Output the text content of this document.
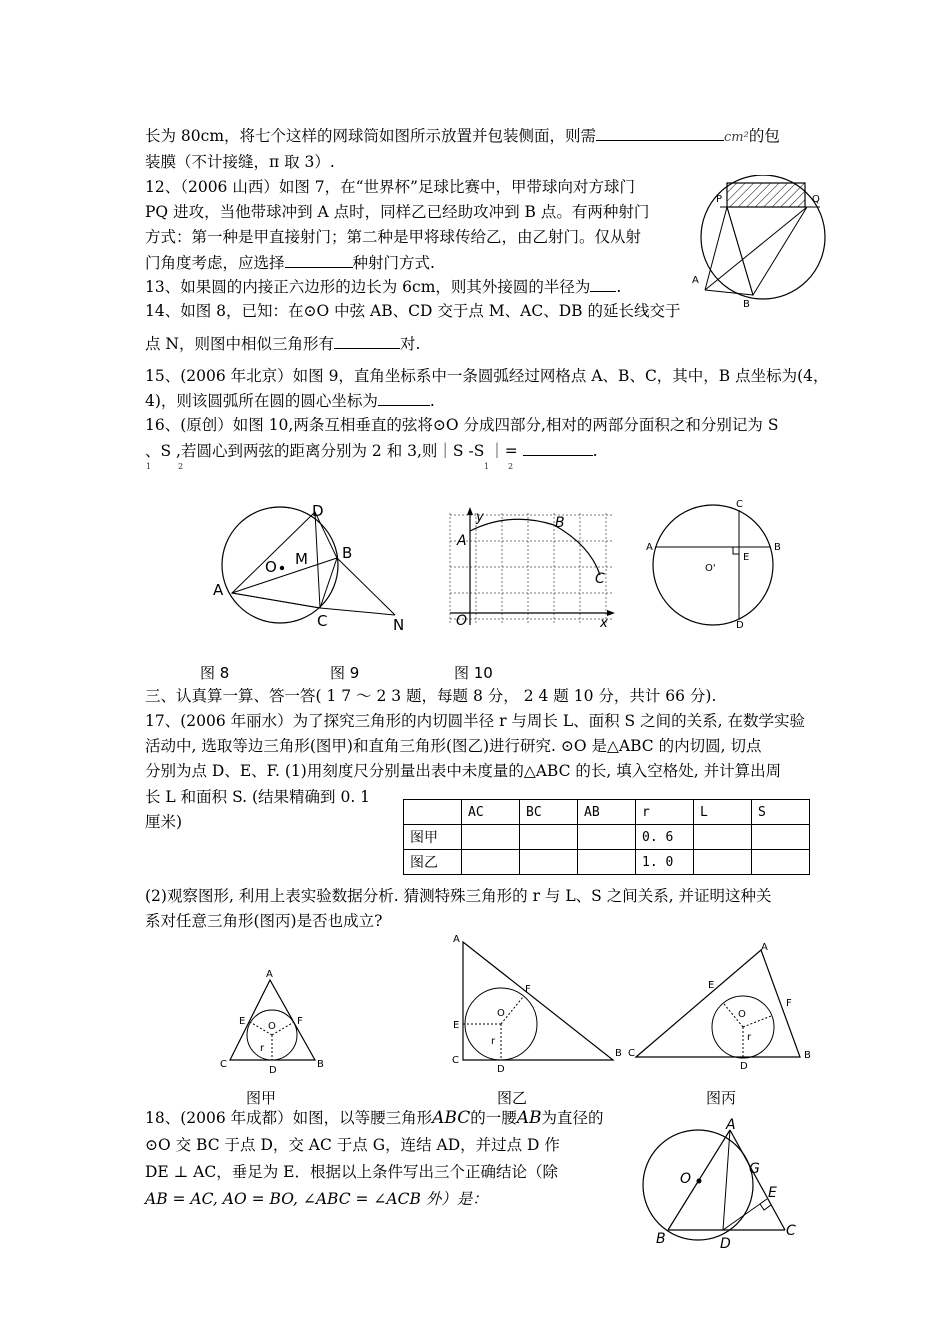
长为 80cm，将七个这样的网球筒如图所示放置并包装侧面，则需	cm²的包
装膜（不计接缝，π 取 3）.
12、（2006 山西）如图 7，在“世界杯”足球比赛中，甲带球向对方球门
PQ 进攻，当他带球冲到 A 点时，同样乙已经助攻冲到 B 点。有两种射门
方式：第一种是甲直接射门；第二种是甲将球传给乙，由乙射门。仅从射
门角度考虑，应选择	种射门方式.
13、如果圆的内接正六边形的边长为 6cm，则其外接圆的半径为 .
14、如图 8，已知：在⊙O 中弦 AB、CD 交于点 M、AC、DB 的延长线交于
点 N，则图中相似三角形有	对.
15、(2006 年北京）如图 9，直角坐标系中一条圆弧经过网格点 A、B、C，其中，B 点坐标为(4，
4)，则该圆弧所在圆的圆心坐标为	.
16、(原创）如图 10,两条互相垂直的弦将⊙O 分成四部分,相对的两部分面积之和分别记为 S
、S ,若圆心到两弦的距离分别为 2 和 3,则｜S -S ｜=	.
1	2	1 2
P	Q
A
B
D
B
A
C	N
O M
y
A
B
C
O	x
C
A	B
E
D
O'
图 8	图 9	图 10
三、认真算一算、答一答( 1 7 ～ 2 3 题，每题 8 分， 2 4 题 10 分，共计 66 分).
17、(2006 年丽水）为了探究三角形的内切圆半径 r 与周长 L、面积 S 之间的关系, 在数学实验
活动中, 选取等边三角形(图甲)和直角三角形(图乙)进行研究. ⊙O 是△ABC 的内切圆, 切点
分别为点 D、E、F. (1)用刻度尺分别量出表中未度量的△ABC 的长, 填入空格处, 并计算出周
长 L 和面积 S. (结果精确到 0. 1
厘米)
	AC	BC	AB	r	L	S
图甲				0. 6		
图乙				1. 0		
(2)观察图形, 利用上表实验数据分析. 猜测特殊三角形的 r 与 L、S 之间关系, 并证明这种关
系对任意三角形(图丙)是否也成立?
A
E	F
O
r
C	B
D
A
E
F
O
r
C
B
D
A
E
F
O
r
C	B
D
图甲	图乙	图丙
18、(2006 年成都）如图，以等腰三角形ABC的一腰AB为直径的
⊙O 交 BC 于点 D，交 AC 于点 G，连结 AD，并过点 D 作
DE ⊥ AC，垂足为 E．根据以上条件写出三个正确结论（除
AB = AC, AO = BO, ∠ABC = ∠ACB 外）是：
A
O
G
E
C
B	D
